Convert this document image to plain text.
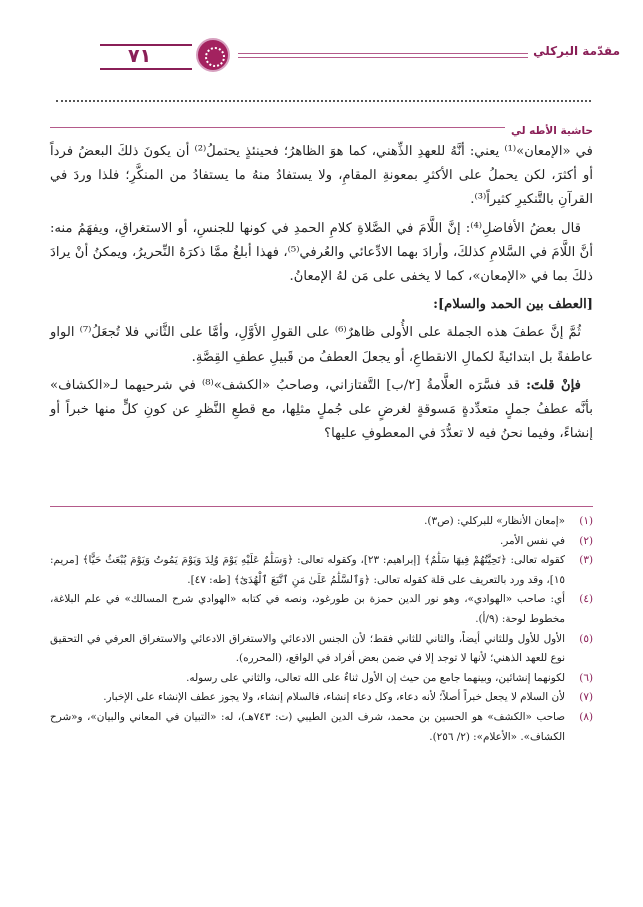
مقدّمة البركلي
٧١
حاشية الأطه لي

في «الإمعان»⁽¹⁾ يعني: أنَّهُ للعهدِ الذِّهني، كما هوَ الظاهرُ؛ فحينئذٍ يحتملُ⁽²⁾ أن يكونَ ذلكَ البعضُ فرداً أو أكثرَ، لكن يحملُ على الأكثرِ بمعونةِ المقامِ، ولا يستفادُ منهُ ما يستفادُ من المنكَّرِ؛ فلذا وردَ في القرآنِ بالتَّنكيرِ كثيراً⁽³⁾.

قال بعضُ الأفاضلِ⁽⁴⁾: إنَّ اللَّامَ في الصَّلاةِ كلامِ الحمدِ في كونها للجنسِ، أو الاستغراقِ، ويفهَمُ منه: أنَّ اللَّامَ في السَّلامِ كذلكَ، وأرادَ بهما الادِّعائي والعُرفي⁽⁵⁾، فهذا أبلغُ ممَّا ذكرَهُ النِّحريرُ، ويمكنُ أنْ يرادَ ذلكَ بما في «الإمعان»، كما لا يخفى على مَن لهُ الإمعانُ.

[العطف بين الحمد والسلام]:

ثُمَّ إنَّ عطفَ هذه الجملة على الأُولى ظاهرٌ⁽⁶⁾ على القولِ الأوَّلِ، وأمَّا على الثَّاني فلا تُجعَلُ⁽⁷⁾ الواو عاطفةً بل ابتدائيةً لكمالِ الانقطاعِ، أو يجعلَ العطفُ من قَبيلِ عطفِ القِصَّةِ.

فإنْ قلتَ: قد فسَّرَه العلَّامةُ [٢/ب] التَّفتازاني، وصاحبُ «الكشف»⁽⁸⁾ في شرحيهما لـ«الكشاف» بأنَّه عطفُ جملٍ متعدِّدةٍ مَسوقةٍ لغرضٍ على جُملٍ مثلِها، مع قطعِ النَّظرِ عن كونِ كلٍّ منها خبراً أو إنشاءً، وفيما نحنُ فيه لا تعدُّدَ في المعطوفِ عليها؟

(١)
«إمعان الأنظار» للبركلي: (ص٣).
(٢)
في نفس الأمر.
(٣)
كقوله تعالى: ﴿تَحِيَّتُهُمْ فِيهَا سَلَٰمٌ﴾ [إبراهيم: ٢٣]، وكقوله تعالى: ﴿وَسَلَٰمٌ عَلَيْهِ يَوْمَ وُلِدَ وَيَوْمَ يَمُوتُ وَيَوْمَ يُبْعَثُ حَيًّا﴾ [مريم: ١٥]، وقد ورد بالتعريف على قلة كقوله تعالى: ﴿وَٱلسَّلَٰمُ عَلَىٰ مَنِ ٱتَّبَعَ ٱلْهُدَىٰٓ﴾ [طه: ٤٧].
(٤)
أي: صاحب «الهوادي»، وهو نور الدين حمزة بن طورغود، ونصه في كتابه «الهوادي شرح المسالك» في علم البلاغة، مخطوط لوحة: (٩/أ).
(٥)
الأول للأول وللثاني أيضاً، والثاني للثاني فقط؛ لأن الجنس الادعائي والاستغراق الادعائي والاستغراق العرفي في التحقيق نوع للعهد الذهني؛ لأنها لا توجد إلا في ضمن بعض أفراد في الواقع، (المحرره).
(٦)
لكونهما إنشائين، وبينهما جامع من حيث إن الأول ثناءٌ على الله تعالى، والثاني على رسوله.
(٧)
لأن السلام لا يجعل خبراً أصلاً؛ لأنه دعاء، وكل دعاء إنشاء، فالسلام إنشاء، ولا يجوز عطف الإنشاء على الإخبار.
(٨)
صاحب «الكشف» هو الحسين بن محمد، شرف الدين الطيبي (ت: ٧٤٣هـ)، له: «التبيان في المعاني والبيان»، و«شرح الكشاف». «الأعلام»: (٢/ ٢٥٦).
